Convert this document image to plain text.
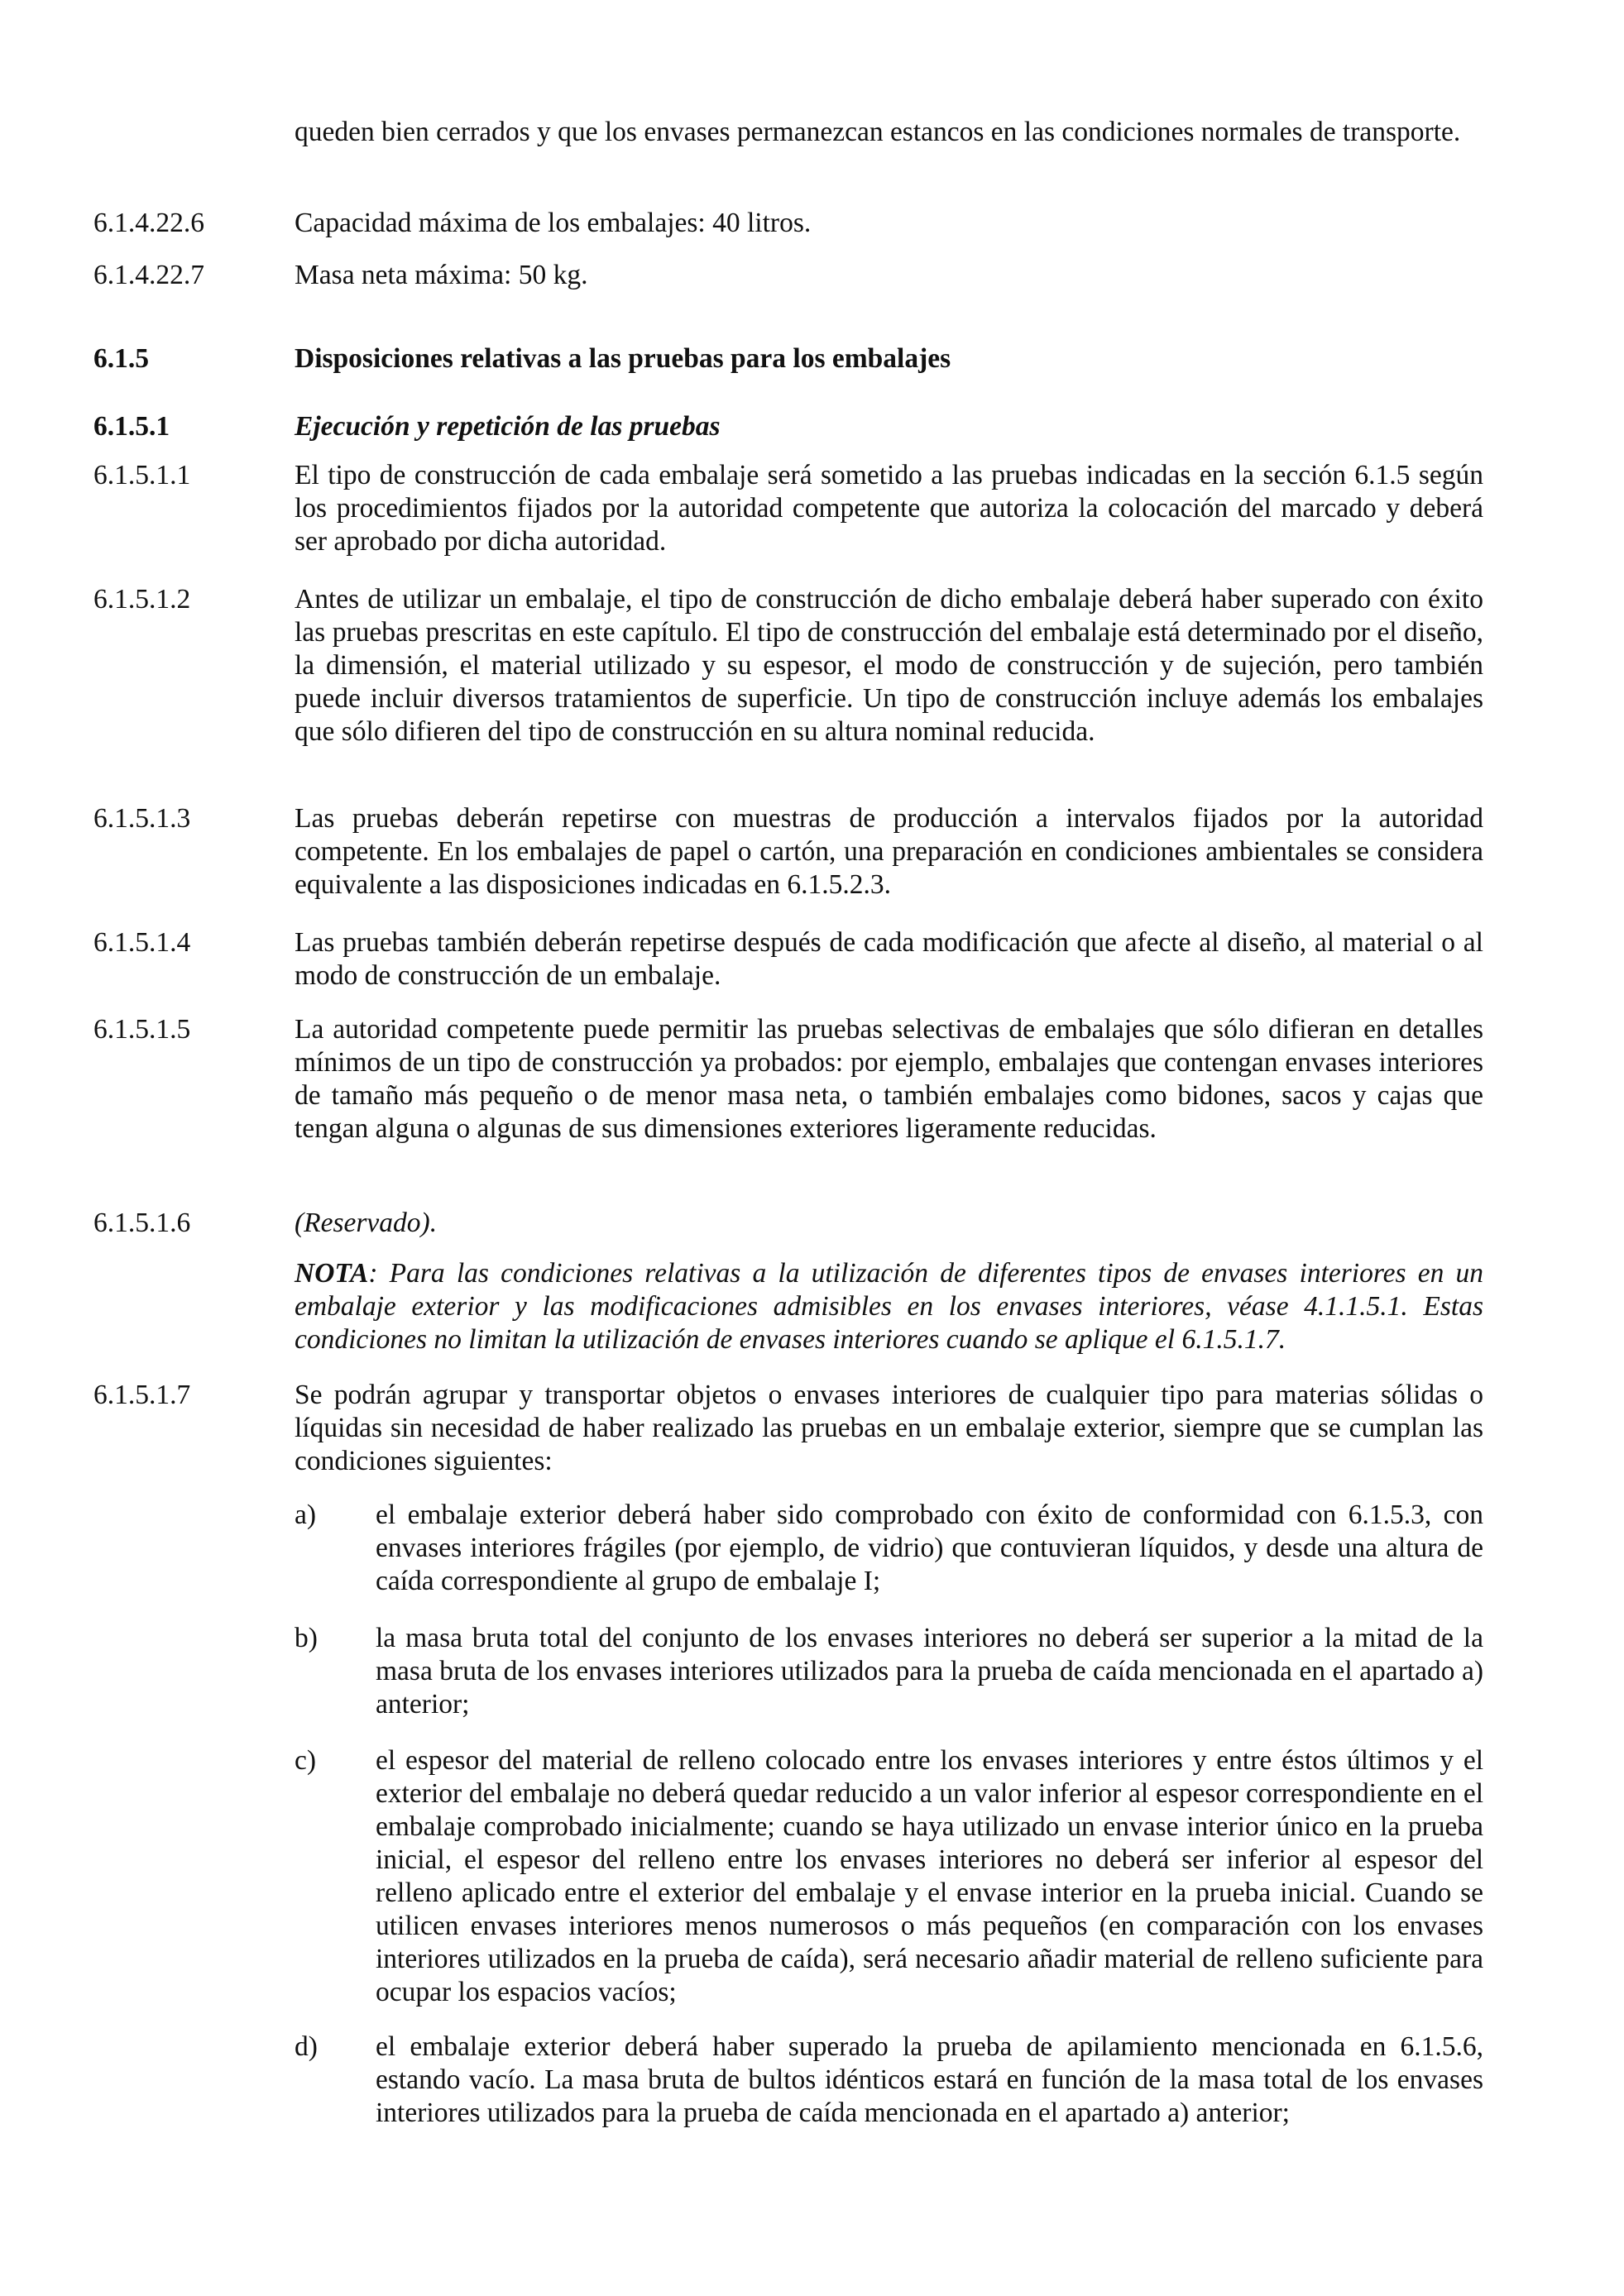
queden bien cerrados y que los envases permanezcan estancos en las condiciones normales de transporte.
6.1.4.22.6	Capacidad máxima de los embalajes: 40 litros.
6.1.4.22.7	Masa neta máxima: 50 kg.
6.1.5	Disposiciones relativas a las pruebas para los embalajes
6.1.5.1	Ejecución y repetición de las pruebas
6.1.5.1.1	El tipo de construcción de cada embalaje será sometido a las pruebas indicadas en la sección 6.1.5 según los procedimientos fijados por la autoridad competente que autoriza la colocación del marcado y deberá ser aprobado por dicha autoridad.
6.1.5.1.2	Antes de utilizar un embalaje, el tipo de construcción de dicho embalaje deberá haber superado con éxito las pruebas prescritas en este capítulo. El tipo de construcción del embalaje está determinado por el diseño, la dimensión, el material utilizado y su espesor, el modo de construcción y de sujeción, pero también puede incluir diversos tratamientos de superficie. Un tipo de construcción incluye además los embalajes que sólo difieren del tipo de construcción en su altura nominal reducida.
6.1.5.1.3	Las pruebas deberán repetirse con muestras de producción a intervalos fijados por la autoridad competente. En los embalajes de papel o cartón, una preparación en condiciones ambientales se considera equivalente a las disposiciones indicadas en 6.1.5.2.3.
6.1.5.1.4	Las pruebas también deberán repetirse después de cada modificación que afecte al diseño, al material o al modo de construcción de un embalaje.
6.1.5.1.5	La autoridad competente puede permitir las pruebas selectivas de embalajes que sólo difieran en detalles mínimos de un tipo de construcción ya probados: por ejemplo, embalajes que contengan envases interiores de tamaño más pequeño o de menor masa neta, o también embalajes como bidones, sacos y cajas que tengan alguna o algunas de sus dimensiones exteriores ligeramente reducidas.
6.1.5.1.6	(Reservado).
NOTA: Para las condiciones relativas a la utilización de diferentes tipos de envases interiores en un embalaje exterior y las modificaciones admisibles en los envases interiores, véase 4.1.1.5.1. Estas condiciones no limitan la utilización de envases interiores cuando se aplique el 6.1.5.1.7.
6.1.5.1.7	Se podrán agrupar y transportar objetos o envases interiores de cualquier tipo para materias sólidas o líquidas sin necesidad de haber realizado las pruebas en un embalaje exterior, siempre que se cumplan las condiciones siguientes:
a) el embalaje exterior deberá haber sido comprobado con éxito de conformidad con 6.1.5.3, con envases interiores frágiles (por ejemplo, de vidrio) que contuvieran líquidos, y desde una altura de caída correspondiente al grupo de embalaje I;
b) la masa bruta total del conjunto de los envases interiores no deberá ser superior a la mitad de la masa bruta de los envases interiores utilizados para la prueba de caída mencionada en el apartado a) anterior;
c) el espesor del material de relleno colocado entre los envases interiores y entre éstos últimos y el exterior del embalaje no deberá quedar reducido a un valor inferior al espesor correspondiente en el embalaje comprobado inicialmente; cuando se haya utilizado un envase interior único en la prueba inicial, el espesor del relleno entre los envases interiores no deberá ser inferior al espesor del relleno aplicado entre el exterior del embalaje y el envase interior en la prueba inicial. Cuando se utilicen envases interiores menos numerosos o más pequeños (en comparación con los envases interiores utilizados en la prueba de caída), será necesario añadir material de relleno suficiente para ocupar los espacios vacíos;
d) el embalaje exterior deberá haber superado la prueba de apilamiento mencionada en 6.1.5.6, estando vacío. La masa bruta de bultos idénticos estará en función de la masa total de los envases interiores utilizados para la prueba de caída mencionada en el apartado a) anterior;
